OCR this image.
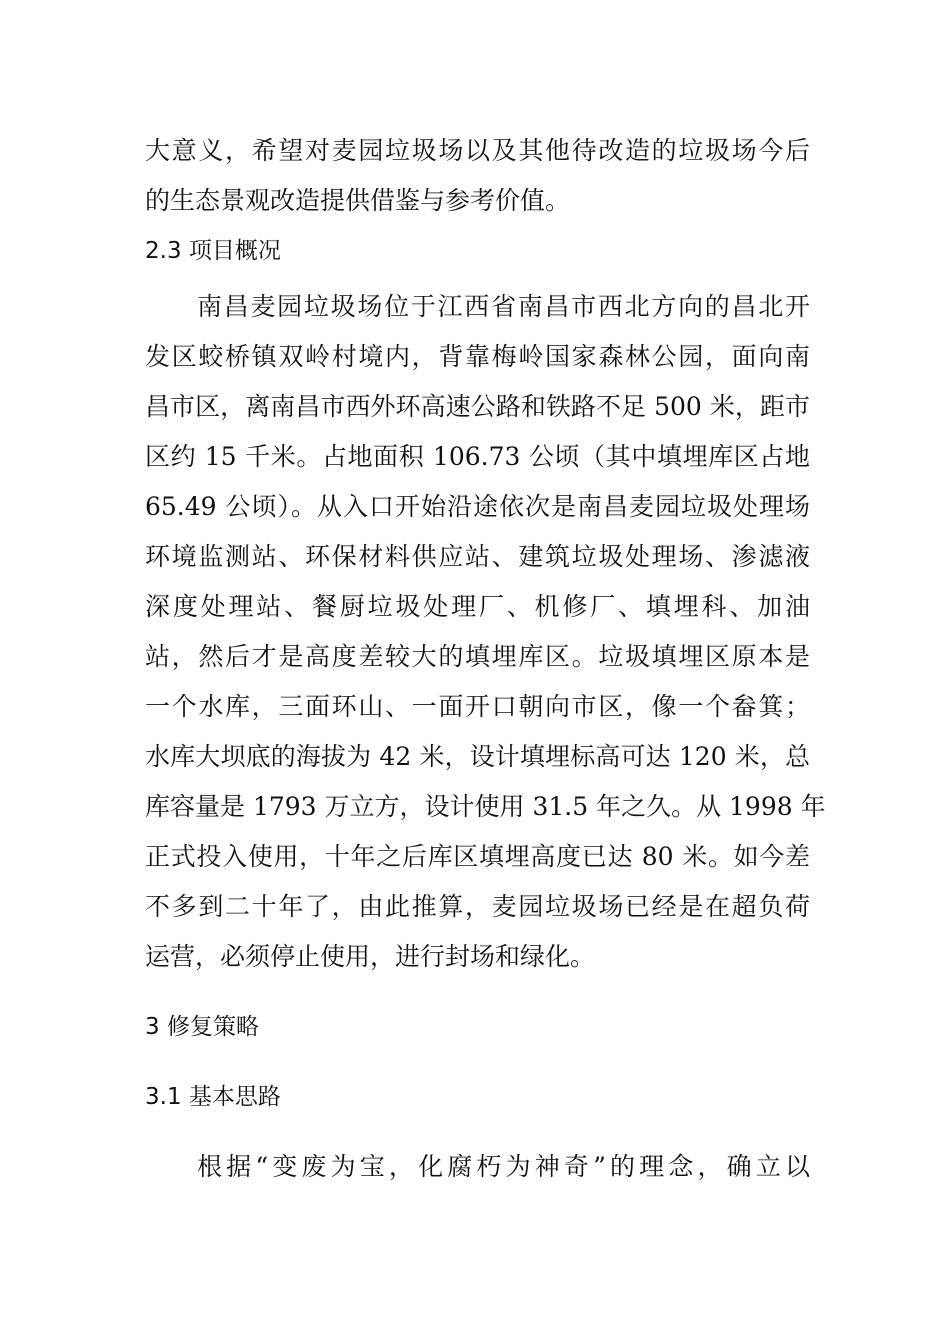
大意义，希望对麦园垃圾场以及其他待改造的垃圾场今后
的生态景观改造提供借鉴与参考价值。
2.3 项目概况
南昌麦园垃圾场位于江西省南昌市西北方向的昌北开
发区蛟桥镇双岭村境内，背靠梅岭国家森林公园，面向南
昌市区，离南昌市西外环高速公路和铁路不足 500 米，距市
区约 15 千米。占地面积 106.73 公顷（其中填埋库区占地
65.49 公顷）。从入口开始沿途依次是南昌麦园垃圾处理场
环境监测站、环保材料供应站、建筑垃圾处理场、渗滤液
深度处理站、餐厨垃圾处理厂、机修厂、填埋科、加油
站，然后才是高度差较大的填埋库区。垃圾填埋区原本是
一个水库，三面环山、一面开口朝向市区，像一个畚箕；
水库大坝底的海拔为 42 米，设计填埋标高可达 120 米，总
库容量是 1793 万立方，设计使用 31.5 年之久。从 1998 年
正式投入使用，十年之后库区填埋高度已达 80 米。如今差
不多到二十年了，由此推算，麦园垃圾场已经是在超负荷
运营，必须停止使用，进行封场和绿化。
3 修复策略
3.1 基本思路
根据“变废为宝，化腐朽为神奇”的理念，确立以
